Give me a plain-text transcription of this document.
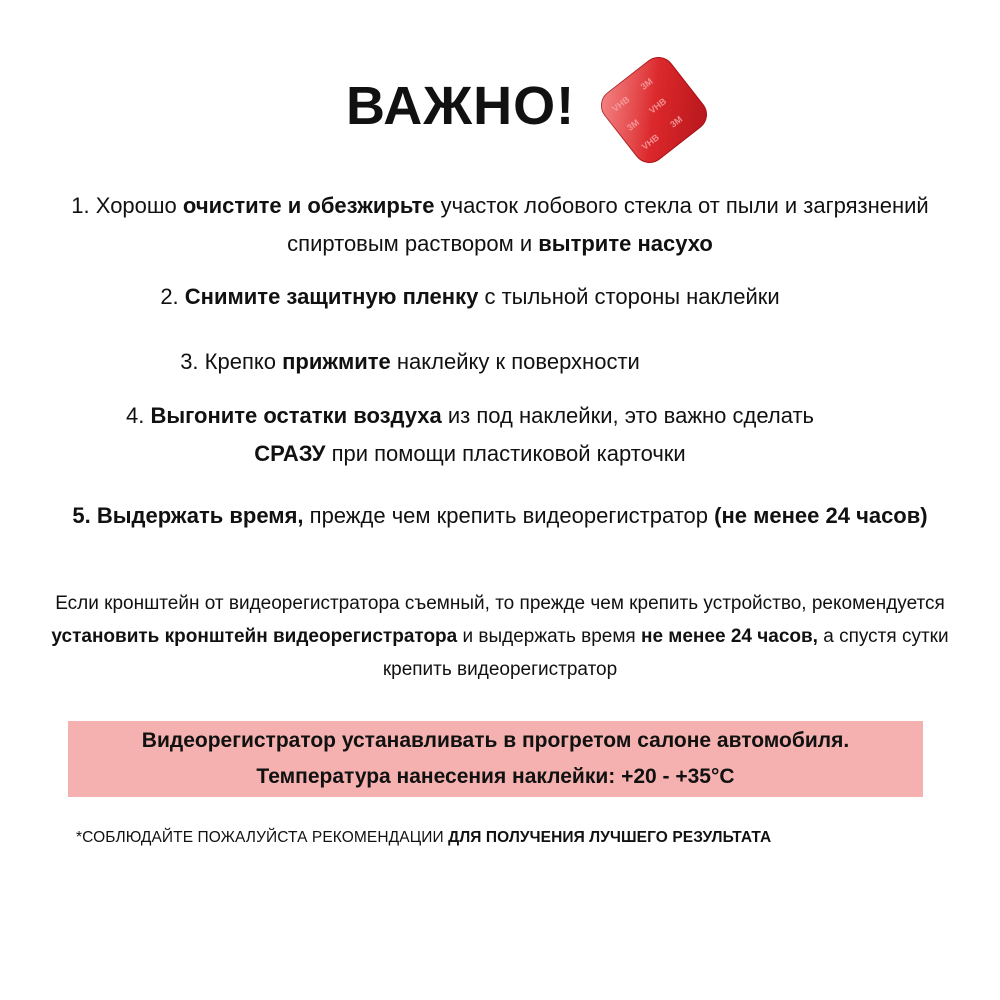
ВАЖНО!	VHB
3M
3M
VHB
VHB
3M
1. Хорошо очистите и обезжирьте участок лобового стекла от пыли и загрязнений спиртовым раствором и вытрите насухо
2. Снимите защитную пленку с тыльной стороны наклейки
3. Крепко прижмите наклейку к поверхности
4. Выгоните остатки воздуха из под наклейки, это важно сделать
СРАЗУ при помощи пластиковой карточки
5. Выдержать время, прежде чем крепить видеорегистратор (не менее 24 часов)
Если кронштейн от видеорегистратора съемный, то прежде чем крепить устройство, рекомендуется установить кронштейн видеорегистратора и выдержать время не менее 24 часов, а спустя сутки крепить видеорегистратор
Видеорегистратор устанавливать в прогретом салоне автомобиля.
Температура нанесения наклейки: +20 - +35°С
*СОБЛЮДАЙТЕ ПОЖАЛУЙСТА РЕКОМЕНДАЦИИ ДЛЯ ПОЛУЧЕНИЯ ЛУЧШЕГО РЕЗУЛЬТАТА
